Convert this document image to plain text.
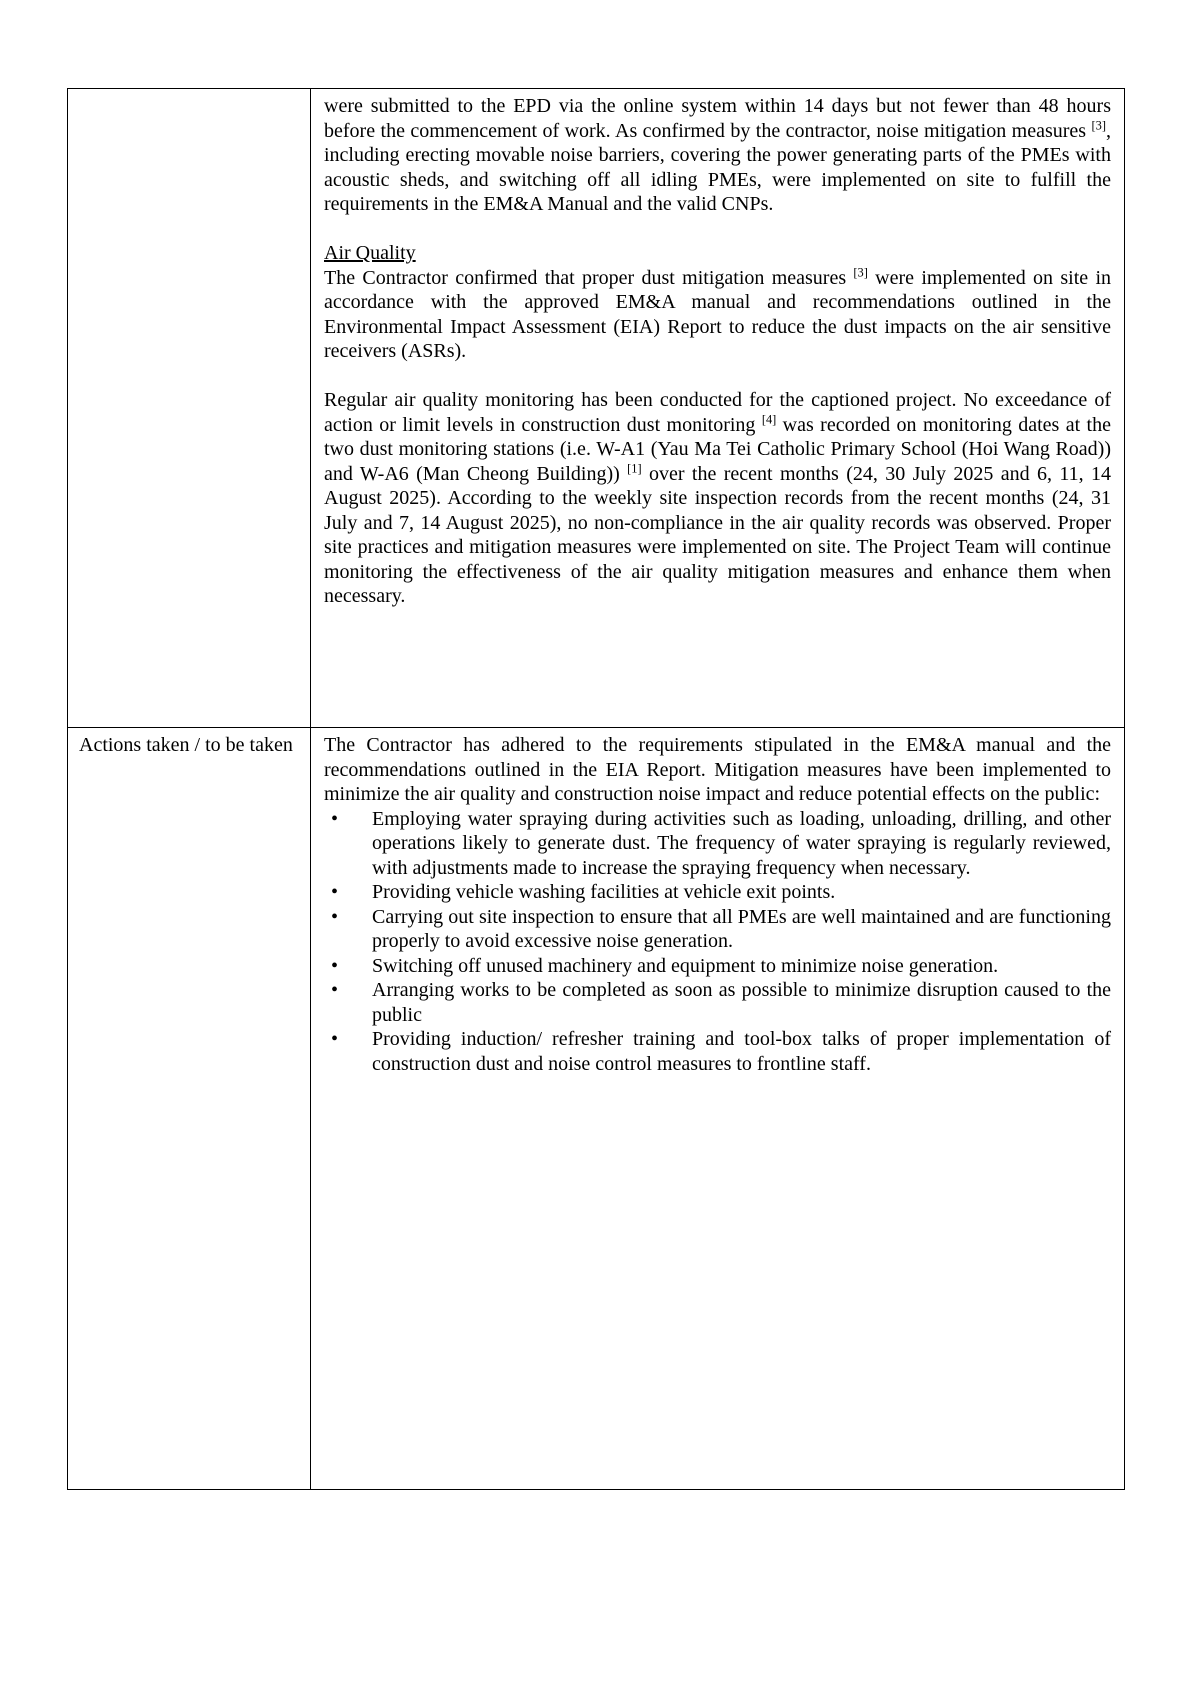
were submitted to the EPD via the online system within 14 days but not fewer than 48 hours before the commencement of work. As confirmed by the contractor, noise mitigation measures [3], including erecting movable noise barriers, covering the power generating parts of the PMEs with acoustic sheds, and switching off all idling PMEs, were implemented on site to fulfill the requirements in the EM&A Manual and the valid CNPs.

Air Quality

The Contractor confirmed that proper dust mitigation measures [3] were implemented on site in accordance with the approved EM&A manual and recommendations outlined in the Environmental Impact Assessment (EIA) Report to reduce the dust impacts on the air sensitive receivers (ASRs).

Regular air quality monitoring has been conducted for the captioned project. No exceedance of action or limit levels in construction dust monitoring [4] was recorded on monitoring dates at the two dust monitoring stations (i.e. W-A1 (Yau Ma Tei Catholic Primary School (Hoi Wang Road)) and W-A6 (Man Cheong Building)) [1] over the recent months (24, 30 July 2025 and 6, 11, 14 August 2025). According to the weekly site inspection records from the recent months (24, 31 July and 7, 14 August 2025), no non-compliance in the air quality records was observed. Proper site practices and mitigation measures were implemented on site. The Project Team will continue monitoring the effectiveness of the air quality mitigation measures and enhance them when necessary.

Actions taken / to be taken	The Contractor has adhered to the requirements stipulated in the EM&A manual and the recommendations outlined in the EIA Report. Mitigation measures have been implemented to minimize the air quality and construction noise impact and reduce potential effects on the public:

• Employing water spraying during activities such as loading, unloading, drilling, and other operations likely to generate dust. The frequency of water spraying is regularly reviewed, with adjustments made to increase the spraying frequency when necessary.
• Providing vehicle washing facilities at vehicle exit points.
• Carrying out site inspection to ensure that all PMEs are well maintained and are functioning properly to avoid excessive noise generation.
• Switching off unused machinery and equipment to minimize noise generation.
• Arranging works to be completed as soon as possible to minimize disruption caused to the public
• Providing induction/ refresher training and tool-box talks of proper implementation of construction dust and noise control measures to frontline staff.
